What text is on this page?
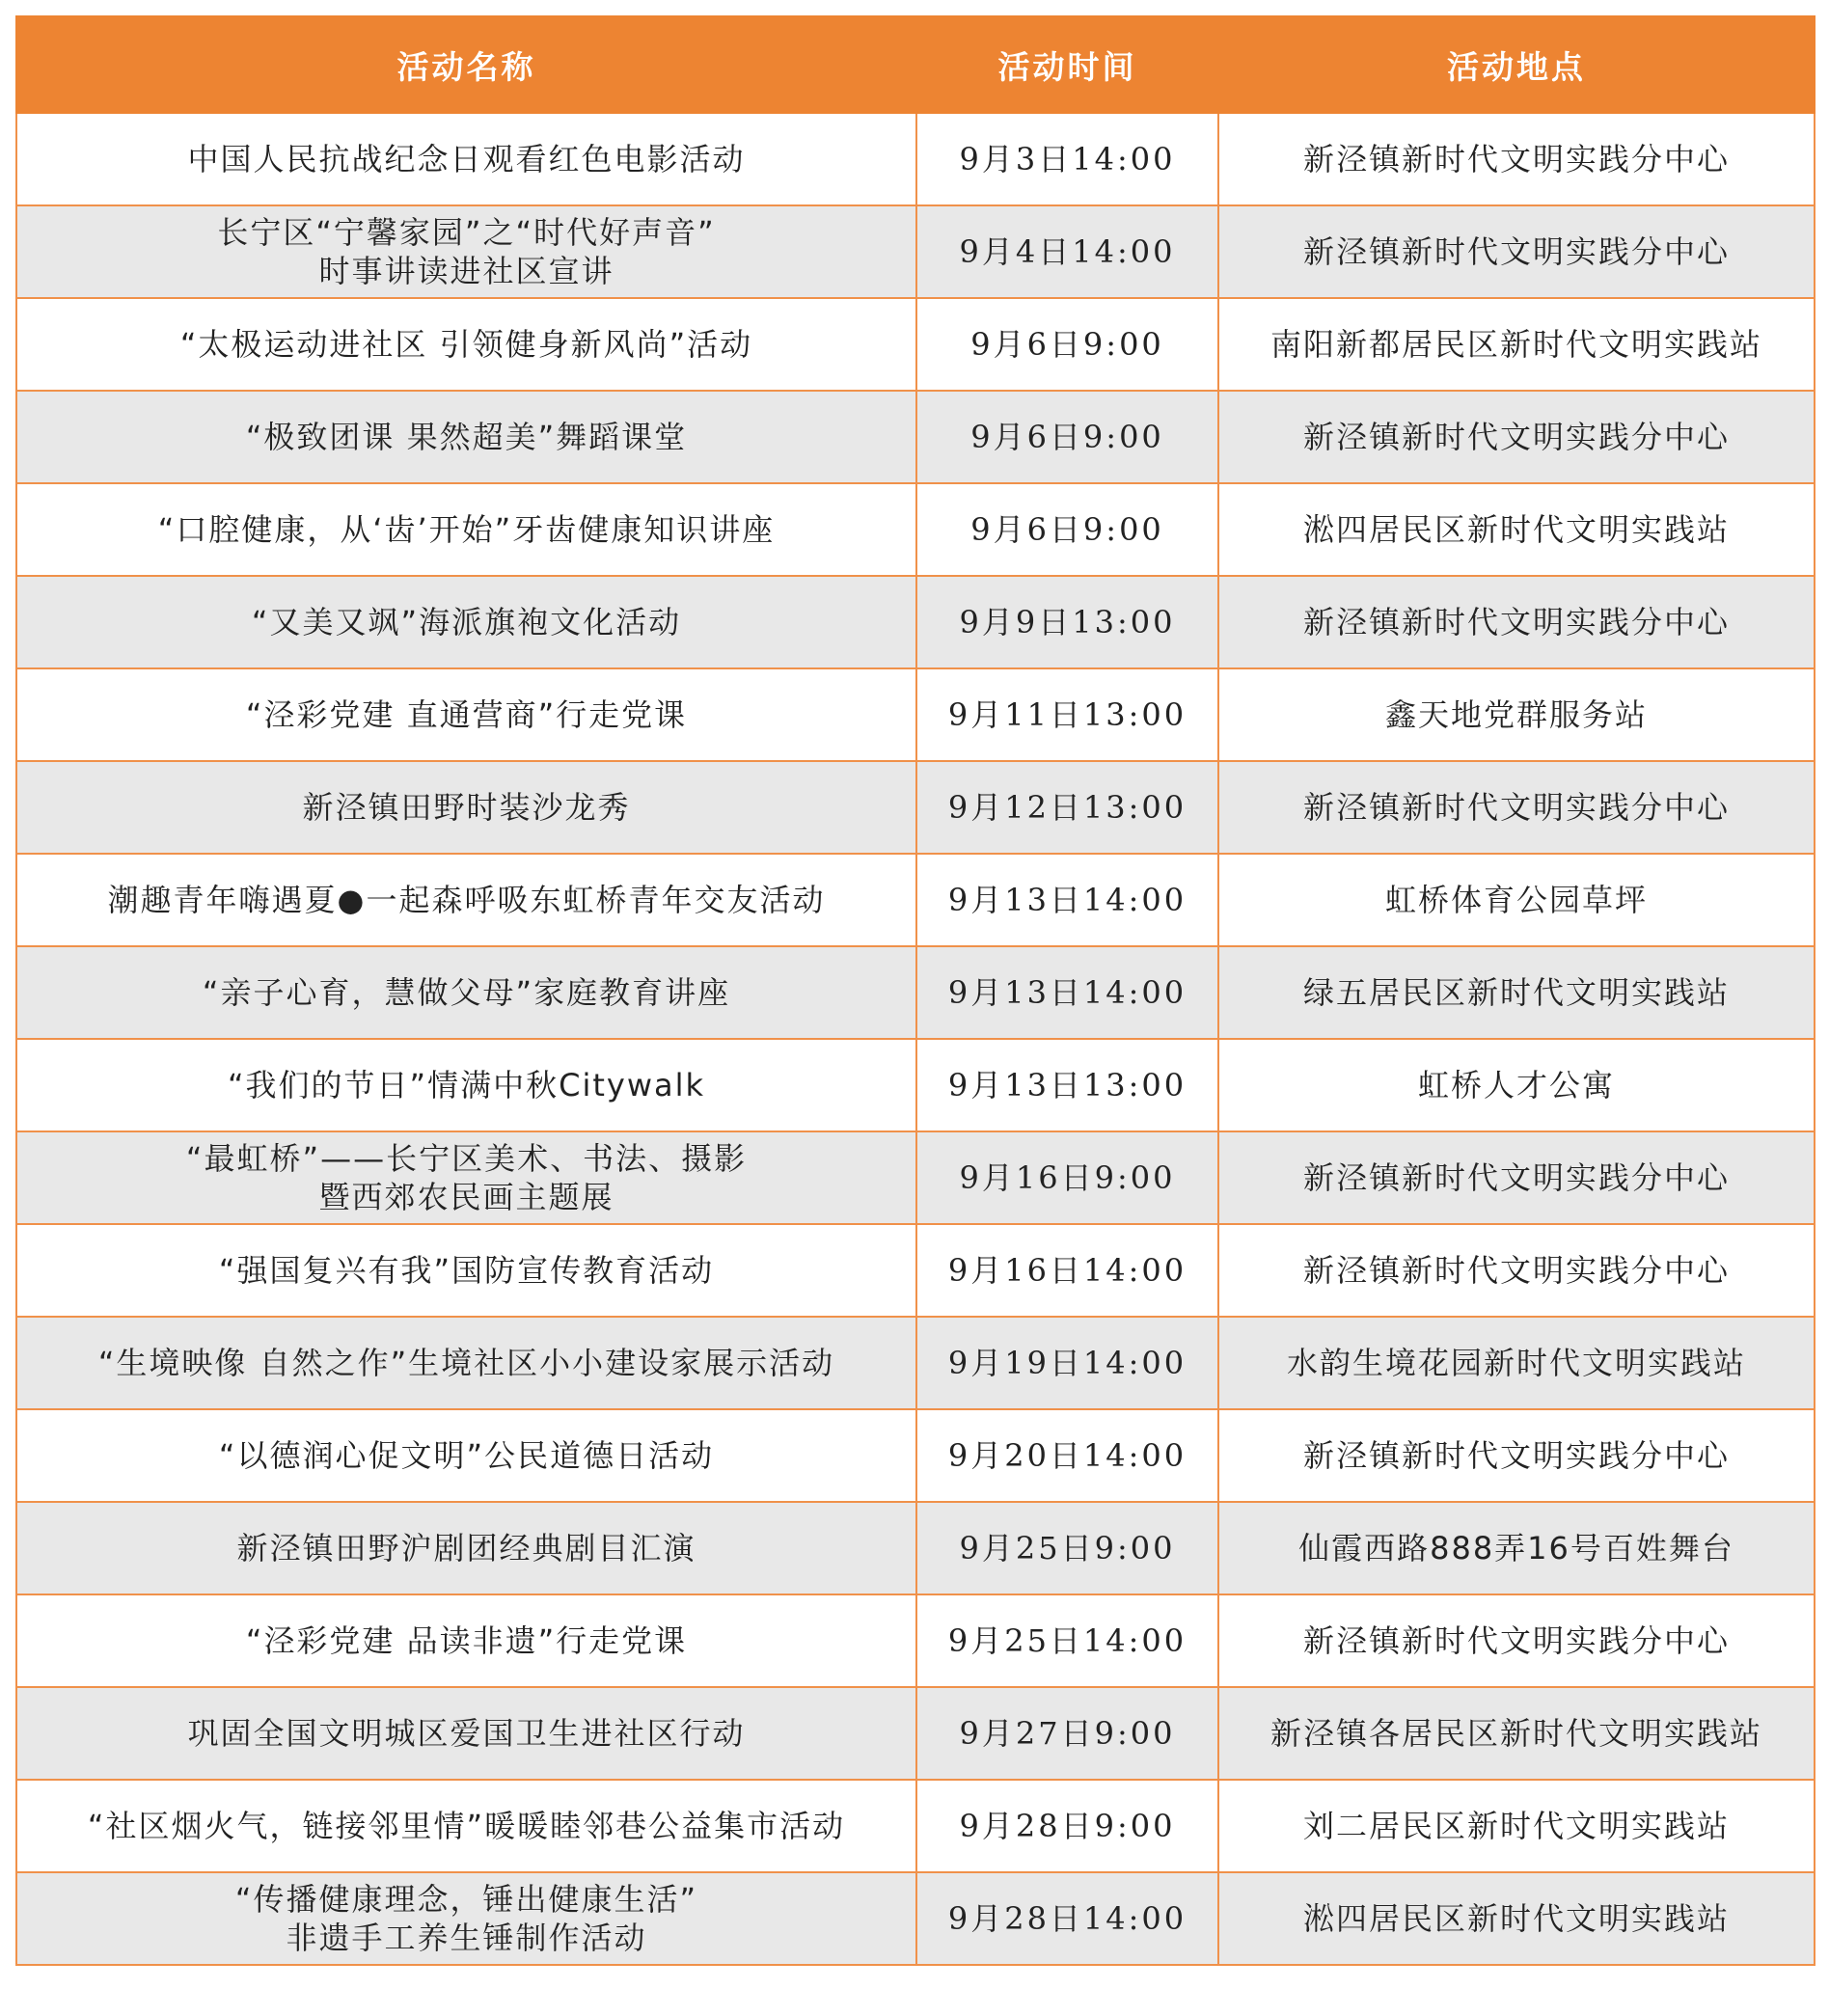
活动名称	活动时间	活动地点

中国人民抗战纪念日观看红色电影活动	9月3日14:00	新泾镇新时代文明实践分中心

长宁区“宁馨家园”之“时代好声音”
时事讲读进社区宣讲	9月4日14:00	新泾镇新时代文明实践分中心

“太极运动进社区 引领健身新风尚”活动	9月6日9:00	南阳新都居民区新时代文明实践站

“极致团课 果然超美”舞蹈课堂	9月6日9:00	新泾镇新时代文明实践分中心

“口腔健康，从‘齿’开始”牙齿健康知识讲座	9月6日9:00	淞四居民区新时代文明实践站

“又美又飒”海派旗袍文化活动	9月9日13:00	新泾镇新时代文明实践分中心

“泾彩党建 直通营商”行走党课	9月11日13:00	鑫天地党群服务站

新泾镇田野时装沙龙秀	9月12日13:00	新泾镇新时代文明实践分中心

潮趣青年嗨遇夏●一起森呼吸东虹桥青年交友活动	9月13日14:00	虹桥体育公园草坪

“亲子心育，慧做父母”家庭教育讲座	9月13日14:00	绿五居民区新时代文明实践站

“我们的节日”情满中秋Citywalk	9月13日13:00	虹桥人才公寓

“最虹桥”——长宁区美术、书法、摄影
暨西郊农民画主题展	9月16日9:00	新泾镇新时代文明实践分中心

“强国复兴有我”国防宣传教育活动	9月16日14:00	新泾镇新时代文明实践分中心

“生境映像 自然之作”生境社区小小建设家展示活动	9月19日14:00	水韵生境花园新时代文明实践站

“以德润心促文明”公民道德日活动	9月20日14:00	新泾镇新时代文明实践分中心

新泾镇田野沪剧团经典剧目汇演	9月25日9:00	仙霞西路888弄16号百姓舞台

“泾彩党建 品读非遗”行走党课	9月25日14:00	新泾镇新时代文明实践分中心

巩固全国文明城区爱国卫生进社区行动	9月27日9:00	新泾镇各居民区新时代文明实践站

“社区烟火气，链接邻里情”暖暖睦邻巷公益集市活动	9月28日9:00	刘二居民区新时代文明实践站

“传播健康理念，锤出健康生活”
非遗手工养生锤制作活动	9月28日14:00	淞四居民区新时代文明实践站
